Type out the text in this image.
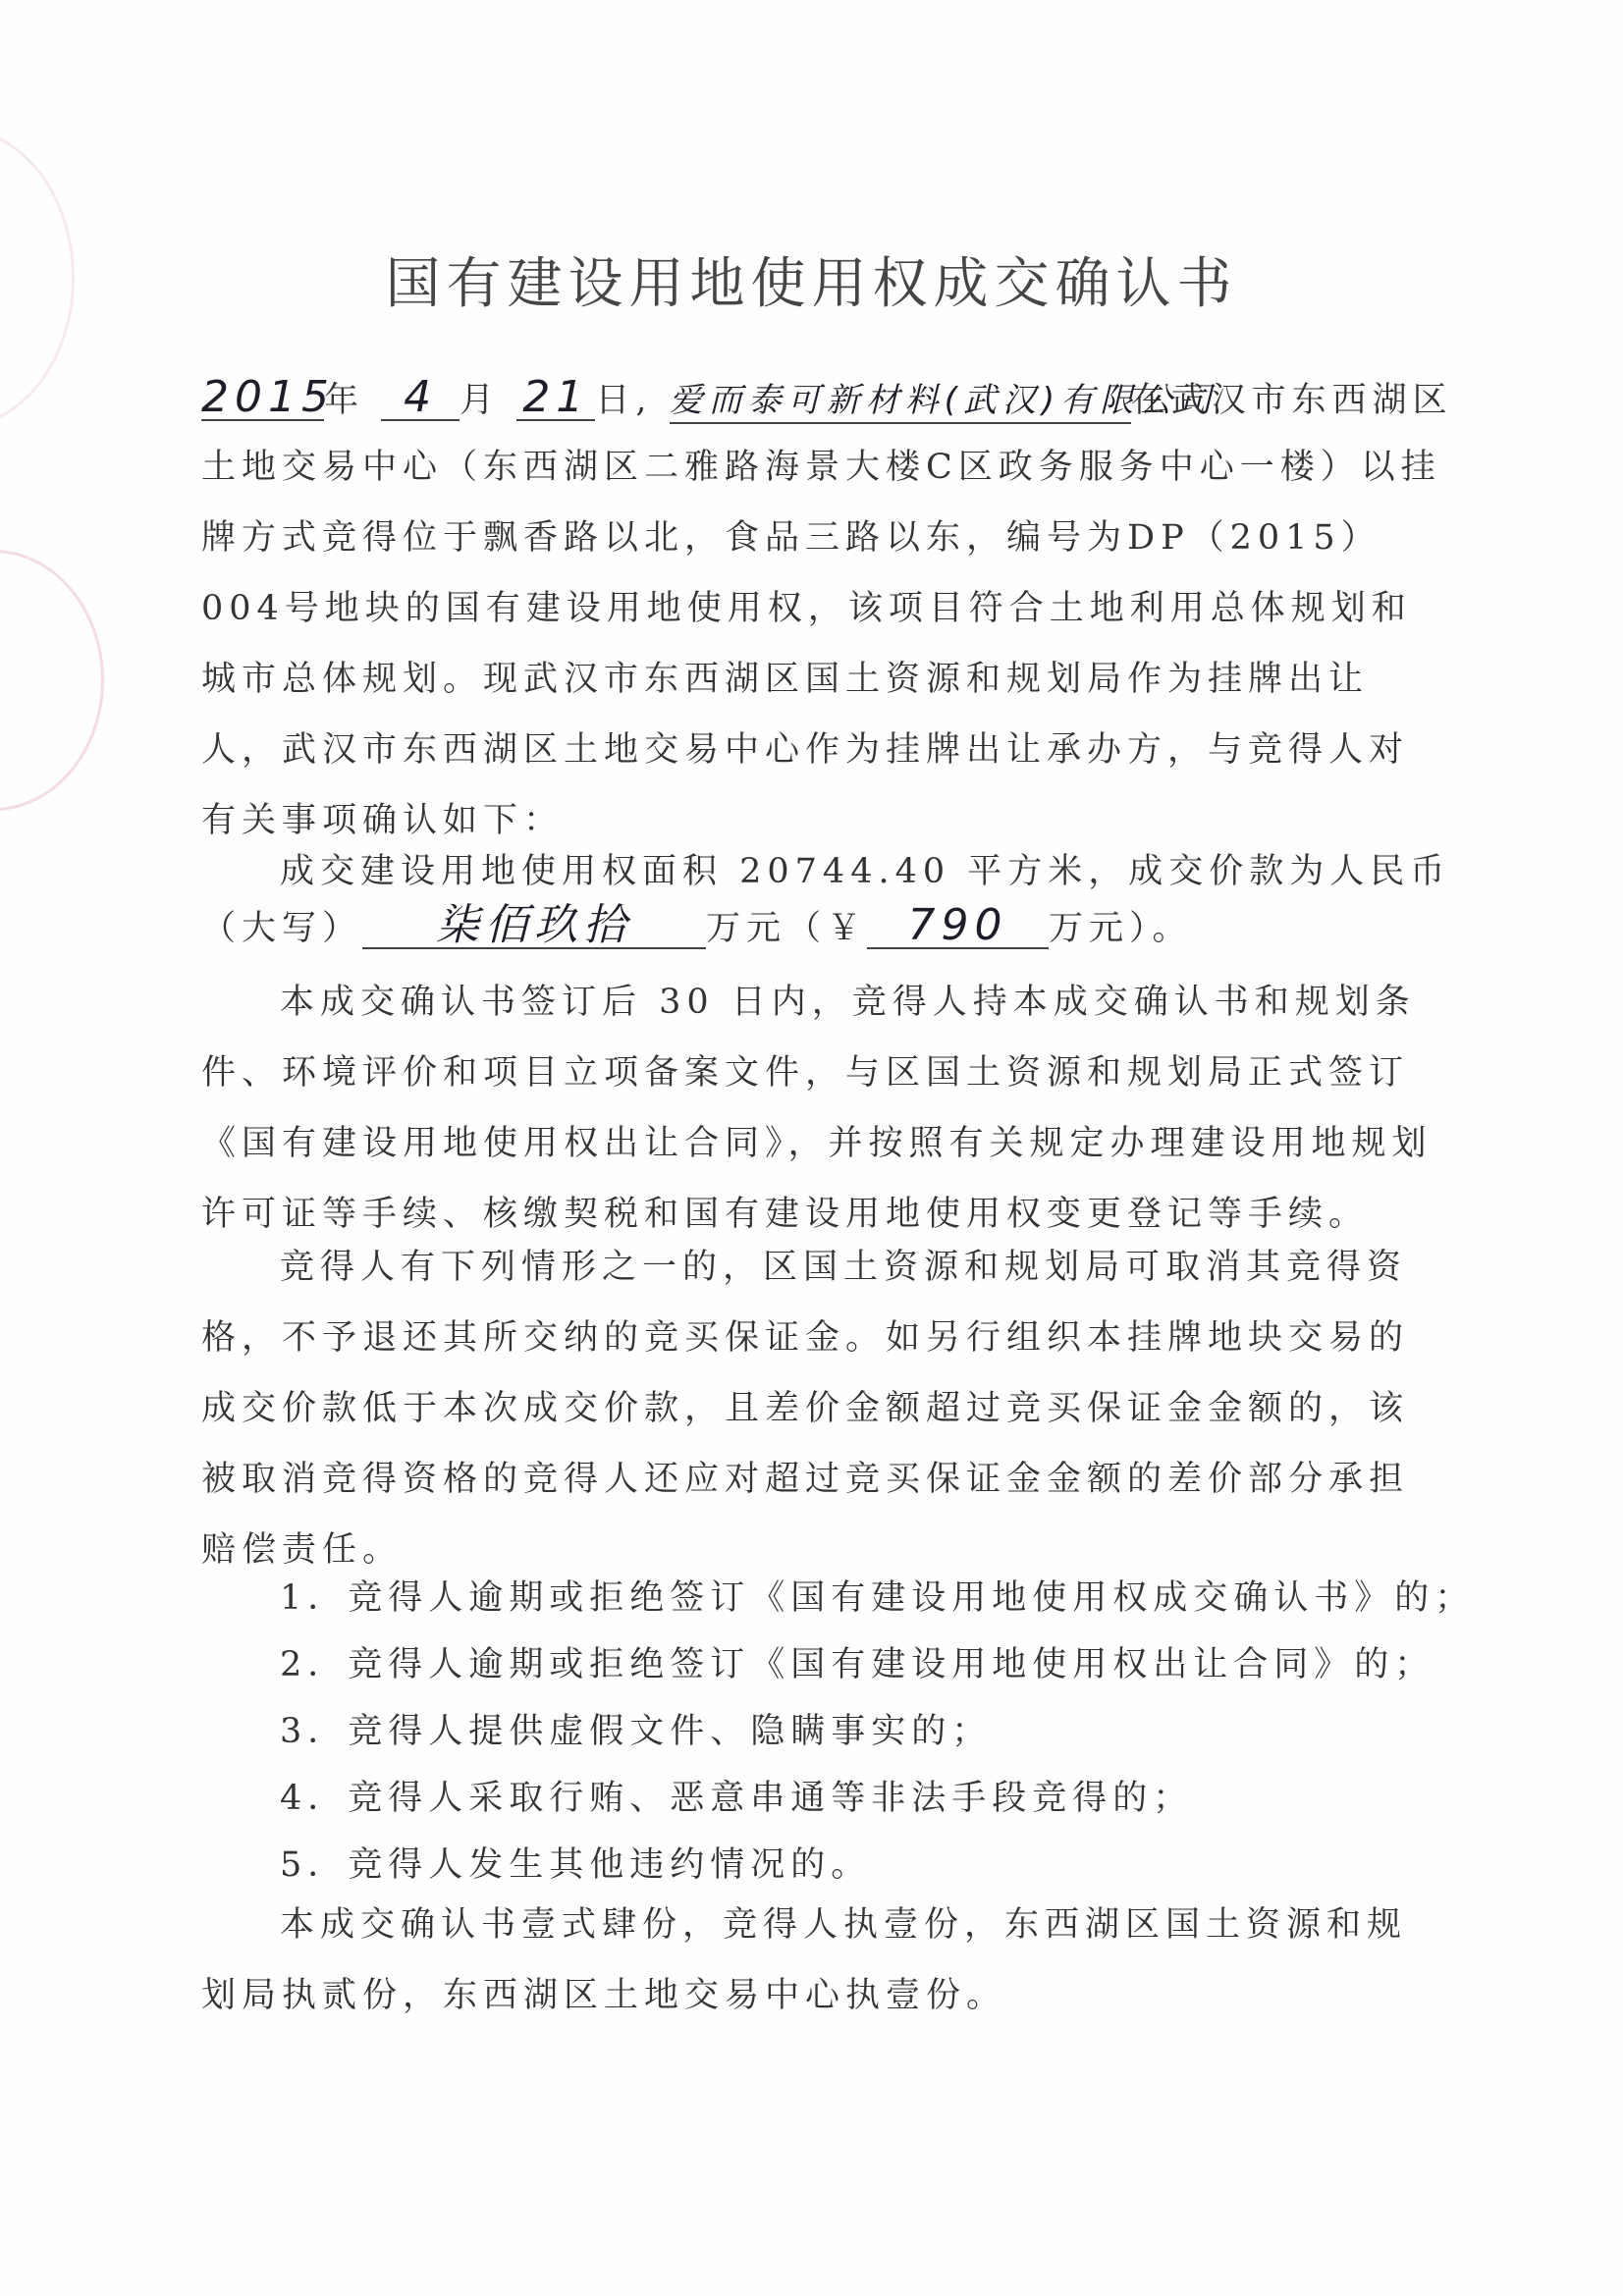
国有建设用地使用权成交确认书
2015年 4 月 21 日, 爱而泰可新材料(武汉)有限公司在武汉市东西湖区
土地交易中心（东西湖区二雅路海景大楼C区政务服务中心一楼）以挂牌方式竞得位于飘香路以北，食品三路以东，编号为DP（2015）004号地块的国有建设用地使用权，该项目符合土地利用总体规划和城市总体规划。现武汉市东西湖区国土资源和规划局作为挂牌出让人，武汉市东西湖区土地交易中心作为挂牌出让承办方，与竞得人对有关事项确认如下：
成交建设用地使用权面积 20744.40 平方米，成交价款为人民币
（大写） 柒佰玖拾 万元（￥ 790 万元）。
本成交确认书签订后 30 日内，竞得人持本成交确认书和规划条件、环境评价和项目立项备案文件，与区国土资源和规划局正式签订《国有建设用地使用权出让合同》，并按照有关规定办理建设用地规划许可证等手续、核缴契税和国有建设用地使用权变更登记等手续。
竞得人有下列情形之一的，区国土资源和规划局可取消其竞得资格，不予退还其所交纳的竞买保证金。如另行组织本挂牌地块交易的成交价款低于本次成交价款，且差价金额超过竞买保证金金额的，该被取消竞得资格的竞得人还应对超过竞买保证金金额的差价部分承担赔偿责任。
1．竞得人逾期或拒绝签订《国有建设用地使用权成交确认书》的；
2．竞得人逾期或拒绝签订《国有建设用地使用权出让合同》的；
3．竞得人提供虚假文件、隐瞒事实的；
4．竞得人采取行贿、恶意串通等非法手段竞得的；
5．竞得人发生其他违约情况的。
本成交确认书壹式肆份，竞得人执壹份，东西湖区国土资源和规划局执贰份，东西湖区土地交易中心执壹份。
